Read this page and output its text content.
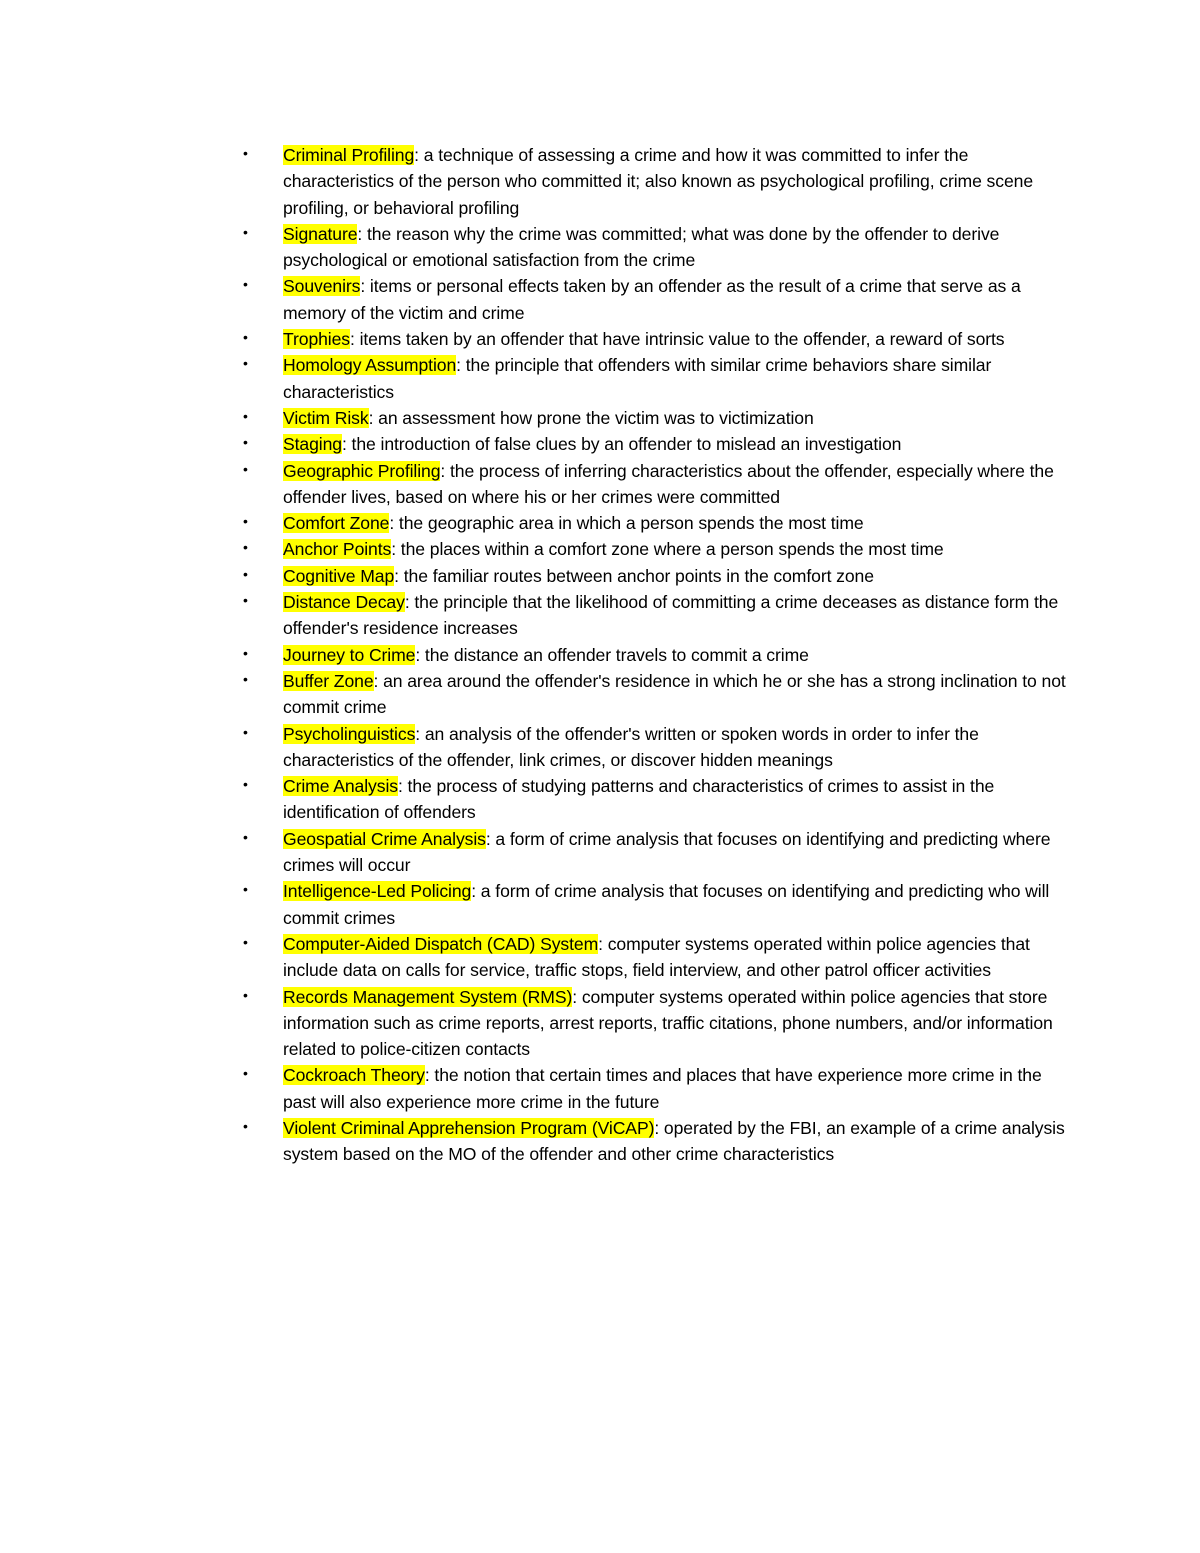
• Criminal Profiling: a technique of assessing a crime and how it was committed to infer the characteristics of the person who committed it; also known as psychological profiling, crime scene profiling, or behavioral profiling
• Signature: the reason why the crime was committed; what was done by the offender to derive psychological or emotional satisfaction from the crime
• Souvenirs: items or personal effects taken by an offender as the result of a crime that serve as a memory of the victim and crime
• Trophies: items taken by an offender that have intrinsic value to the offender, a reward of sorts
• Homology Assumption: the principle that offenders with similar crime behaviors share similar characteristics
• Victim Risk: an assessment how prone the victim was to victimization
• Staging: the introduction of false clues by an offender to mislead an investigation
• Geographic Profiling: the process of inferring characteristics about the offender, especially where the offender lives, based on where his or her crimes were committed
• Comfort Zone: the geographic area in which a person spends the most time
• Anchor Points: the places within a comfort zone where a person spends the most time
• Cognitive Map: the familiar routes between anchor points in the comfort zone
• Distance Decay: the principle that the likelihood of committing a crime deceases as distance form the offender's residence increases
• Journey to Crime: the distance an offender travels to commit a crime
• Buffer Zone: an area around the offender's residence in which he or she has a strong inclination to not commit crime
• Psycholinguistics: an analysis of the offender's written or spoken words in order to infer the characteristics of the offender, link crimes, or discover hidden meanings
• Crime Analysis: the process of studying patterns and characteristics of crimes to assist in the identification of offenders
• Geospatial Crime Analysis: a form of crime analysis that focuses on identifying and predicting where crimes will occur
• Intelligence-Led Policing: a form of crime analysis that focuses on identifying and predicting who will commit crimes
• Computer-Aided Dispatch (CAD) System: computer systems operated within police agencies that include data on calls for service, traffic stops, field interview, and other patrol officer activities
• Records Management System (RMS): computer systems operated within police agencies that store information such as crime reports, arrest reports, traffic citations, phone numbers, and/or information related to police-citizen contacts
• Cockroach Theory: the notion that certain times and places that have experience more crime in the past will also experience more crime in the future
• Violent Criminal Apprehension Program (ViCAP): operated by the FBI, an example of a crime analysis system based on the MO of the offender and other crime characteristics
